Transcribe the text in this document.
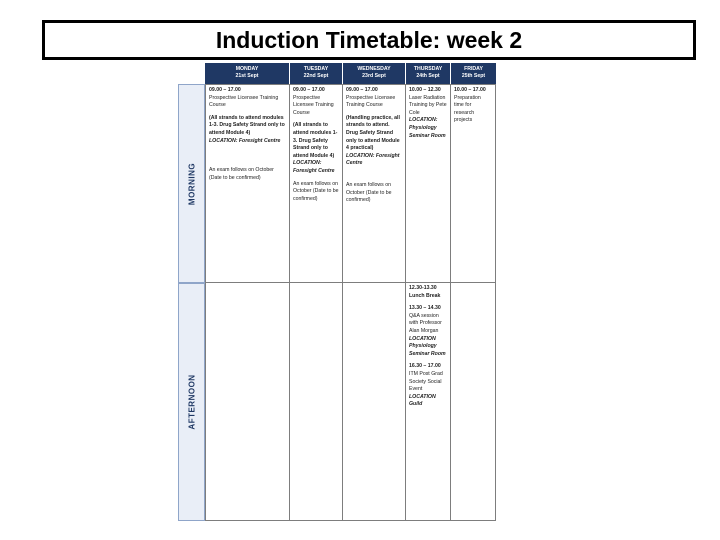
Induction Timetable: week 2
MONDAY
21st Sept
TUESDAY
22nd Sept
WEDNESDAY
23rd Sept
THURSDAY
24th Sept
FRIDAY
25th Sept
MORNING
AFTERNOON

09.00 – 17.00
Prospective Licensee Training Course

(All strands to attend modules 1-3. Drug Safety Strand only to attend Module 4)
LOCATION: Foresight Centre

An exam follows on October (Date to be confirmed)

09.00 – 17.00
Prospective Licensee Training Course

(All strands to attend modules 1-3. Drug Safety Strand only to attend Module 4)
LOCATION: Foresight Centre

An exam follows on October (Date to be confirmed)

09.00 – 17.00
Prospective Licensee Training Course

(Handling practice, all strands to attend. Drug Safety Strand only to attend Module 4 practical)
LOCATION: Foresight Centre

An exam follows on October (Date to be confirmed)

10.00 – 12.30
Laser Radiation Training by Pete Cole
LOCATION: Physiology Seminar Room

10.00 – 17.00
Preparation time for research projects

12.30-13.30 Lunch Break

13.30 – 14.30
Q&A session with Professor Alan Morgan
LOCATION Physiology Seminar Room

16.30 – 17.00
ITM Post Grad Society Social Event
LOCATION Guild
